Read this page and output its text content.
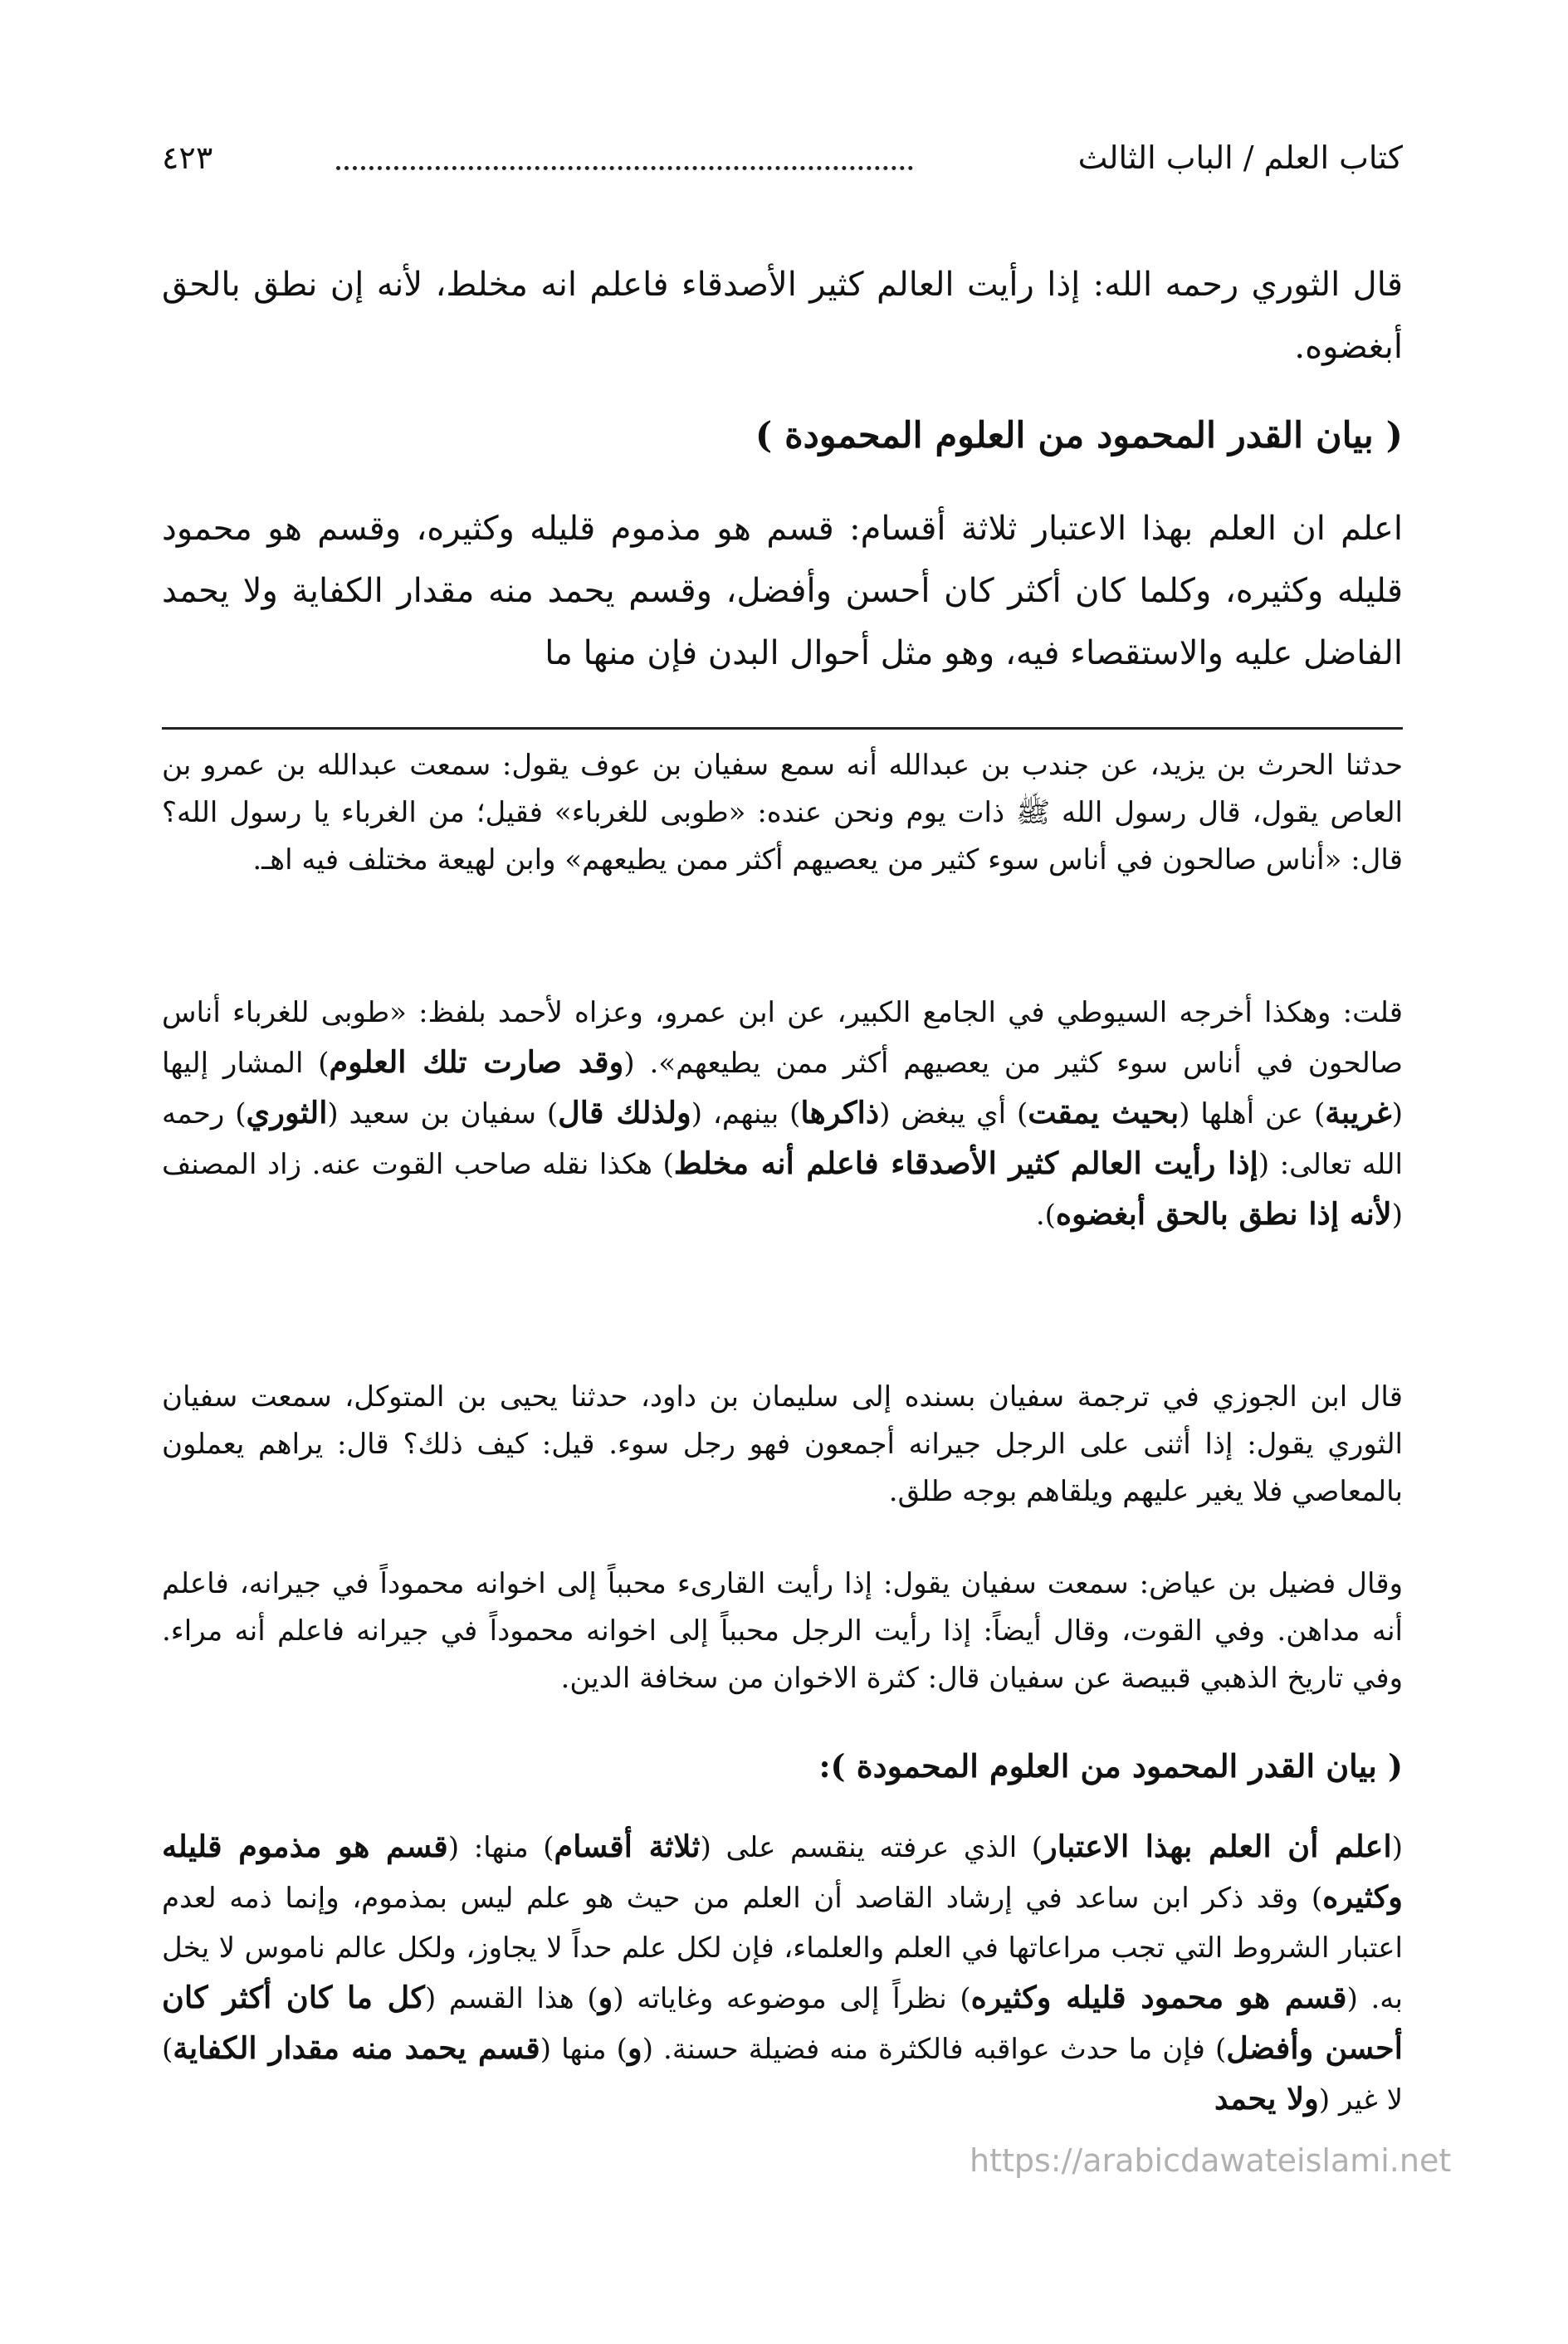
كتاب العلم / الباب الثالث
٤٢٣
قال الثوري رحمه الله: إذا رأيت العالم كثير الأصدقاء فاعلم انه مخلط، لأنه إن نطق بالحق أبغضوه.
( بيان القدر المحمود من العلوم المحمودة )
اعلم ان العلم بهذا الاعتبار ثلاثة أقسام: قسم هو مذموم قليله وكثيره، وقسم هو محمود قليله وكثيره، وكلما كان أكثر كان أحسن وأفضل، وقسم يحمد منه مقدار الكفاية ولا يحمد الفاضل عليه والاستقصاء فيه، وهو مثل أحوال البدن فإن منها ما
حدثنا الحرث بن يزيد، عن جندب بن عبدالله أنه سمع سفيان بن عوف يقول: سمعت عبدالله بن عمرو بن العاص يقول، قال رسول الله ﷺ ذات يوم ونحن عنده: «طوبى للغرباء» فقيل؛ من الغرباء يا رسول الله؟ قال: «أناس صالحون في أناس سوء كثير من يعصيهم أكثر ممن يطيعهم» وابن لهيعة مختلف فيه اهـ.
قلت: وهكذا أخرجه السيوطي في الجامع الكبير، عن ابن عمرو، وعزاه لأحمد بلفظ: «طوبى للغرباء أناس صالحون في أناس سوء كثير من يعصيهم أكثر ممن يطيعهم». (وقد صارت تلك العلوم) المشار إليها (غريبة) عن أهلها (بحيث يمقت) أي يبغض (ذاكرها) بينهم، (ولذلك قال) سفيان بن سعيد (الثوري) رحمه الله تعالى: (إذا رأيت العالم كثير الأصدقاء فاعلم أنه مخلط) هكذا نقله صاحب القوت عنه. زاد المصنف (لأنه إذا نطق بالحق أبغضوه).
قال ابن الجوزي في ترجمة سفيان بسنده إلى سليمان بن داود، حدثنا يحيى بن المتوكل، سمعت سفيان الثوري يقول: إذا أثنى على الرجل جيرانه أجمعون فهو رجل سوء. قيل: كيف ذلك؟ قال: يراهم يعملون بالمعاصي فلا يغير عليهم ويلقاهم بوجه طلق.
وقال فضيل بن عياض: سمعت سفيان يقول: إذا رأيت القارىء محبباً إلى اخوانه محموداً في جيرانه، فاعلم أنه مداهن. وفي القوت، وقال أيضاً: إذا رأيت الرجل محبباً إلى اخوانه محموداً في جيرانه فاعلم أنه مراء. وفي تاريخ الذهبي قبيصة عن سفيان قال: كثرة الاخوان من سخافة الدين.
( بيان القدر المحمود من العلوم المحمودة ):
(اعلم أن العلم بهذا الاعتبار) الذي عرفته ينقسم على (ثلاثة أقسام) منها: (قسم هو مذموم قليله وكثيره) وقد ذكر ابن ساعد في إرشاد القاصد أن العلم من حيث هو علم ليس بمذموم، وإنما ذمه لعدم اعتبار الشروط التي تجب مراعاتها في العلم والعلماء، فإن لكل علم حداً لا يجاوز، ولكل عالم ناموس لا يخل به. (قسم هو محمود قليله وكثيره) نظراً إلى موضوعه وغاياته (و) هذا القسم (كل ما كان أكثر كان أحسن وأفضل) فإن ما حدث عواقبه فالكثرة منه فضيلة حسنة. (و) منها (قسم يحمد منه مقدار الكفاية) لا غير (ولا يحمد
https://arabicdawateislami.net
